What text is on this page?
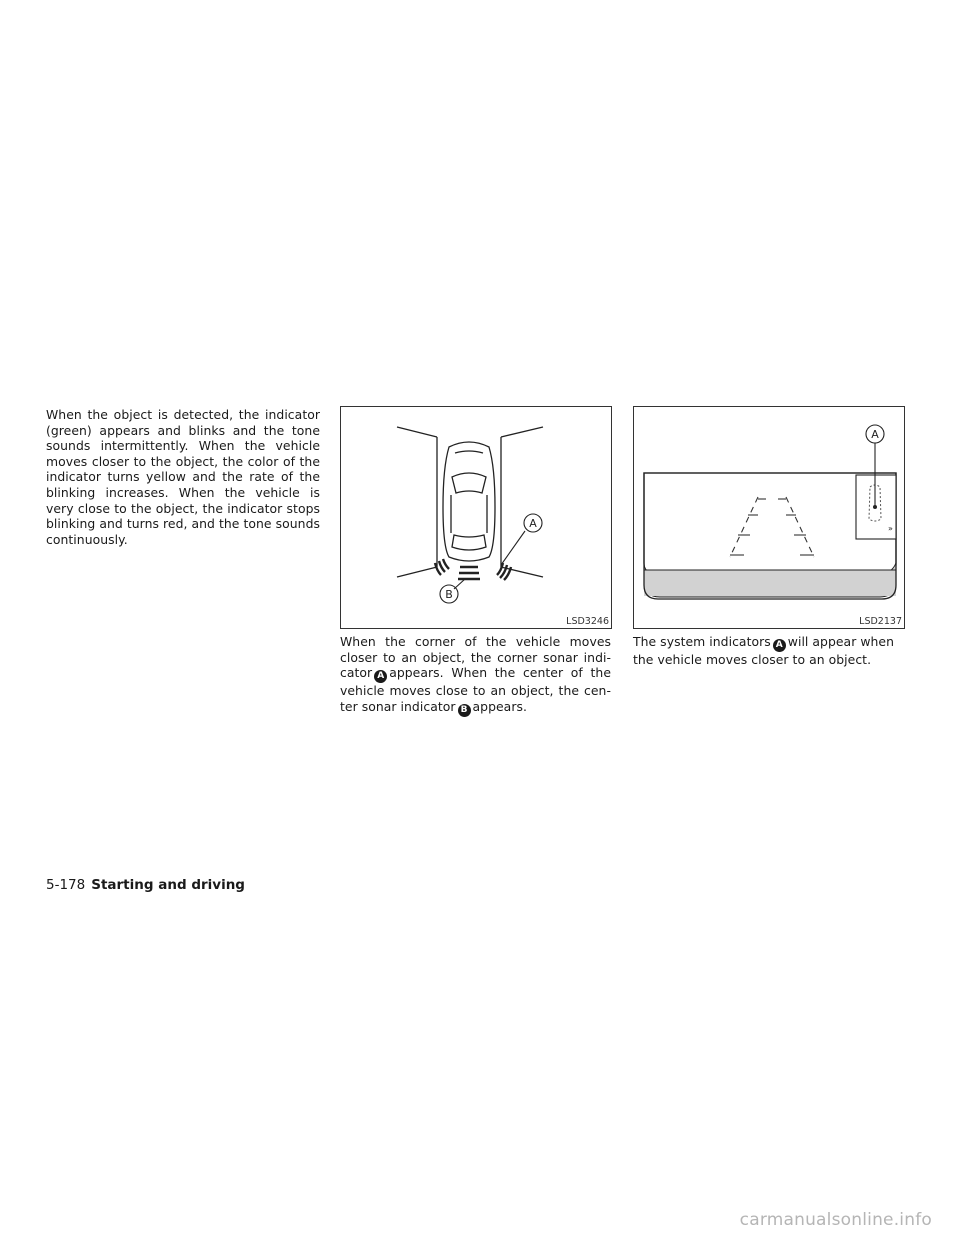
When the object is detected, the indicator (green) appears and blinks and the tone sounds intermittently. When the vehicle moves closer to the object, the color of the indicator turns yellow and the rate of the blinking increases. When the vehicle is very close to the object, the indicator stops blinking and turns red, and the tone sounds continuously.

A
B
LSD3246
»
A
LSD2137

When the corner of the vehicle moves closer to an object, the corner sonar indi-cator A appears. When the center of the vehicle moves close to an object, the cen-ter sonar indicator B appears.

The system indicators A will appear when the vehicle moves closer to an object.

5-178 Starting and driving
carmanualsonline.info
